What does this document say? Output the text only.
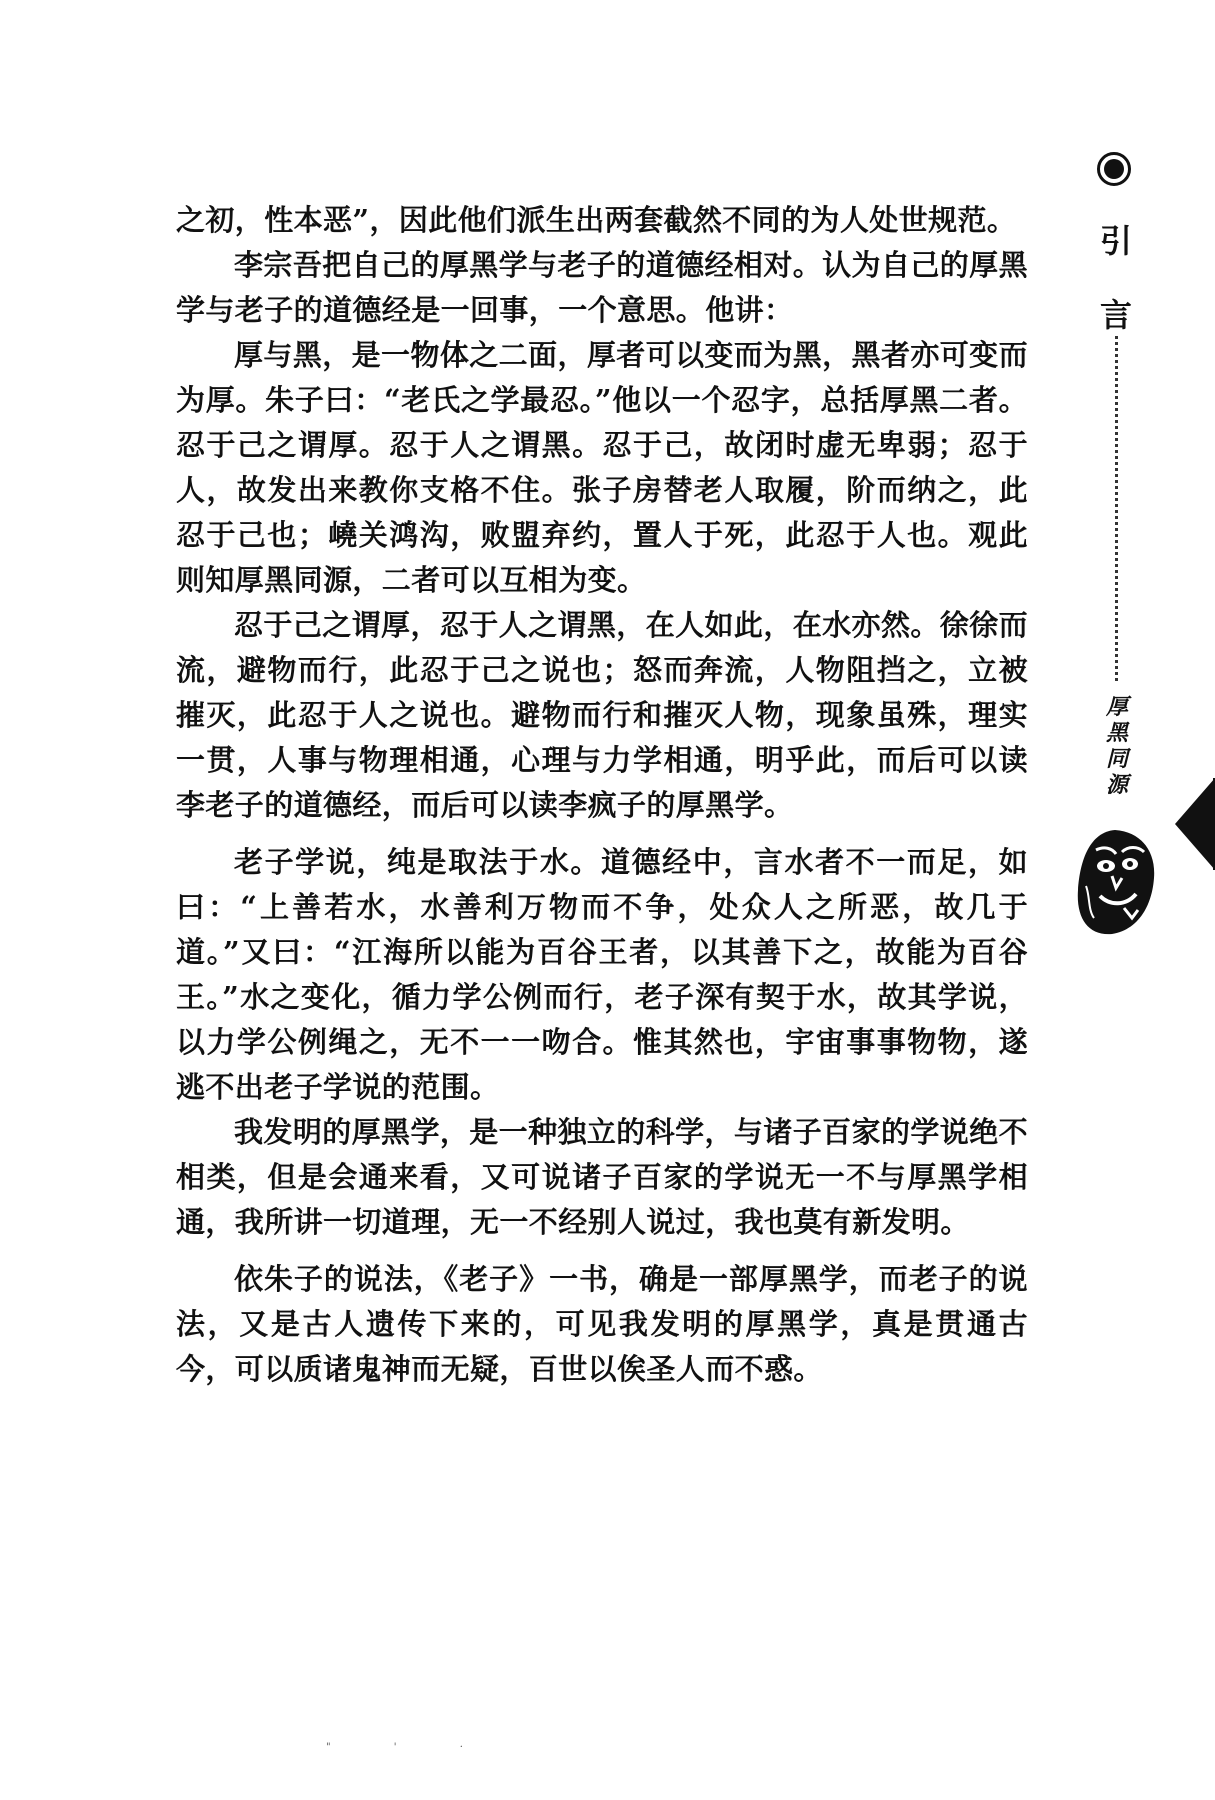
之初，性本恶”，因此他们派生出两套截然不同的为人处世规范。

李宗吾把自己的厚黑学与老子的道德经相对。认为自己的厚黑学与老子的道德经是一回事，一个意思。他讲：

厚与黑，是一物体之二面，厚者可以变而为黑，黑者亦可变而为厚。朱子曰：“老氏之学最忍。”他以一个忍字，总括厚黑二者。忍于己之谓厚。忍于人之谓黑。忍于己，故闭时虚无卑弱；忍于人，故发出来教你支格不住。张子房替老人取履，阶而纳之，此忍于己也；嶢关鸿沟，败盟弃约，置人于死，此忍于人也。观此则知厚黑同源，二者可以互相为变。

忍于己之谓厚，忍于人之谓黑，在人如此，在水亦然。徐徐而流，避物而行，此忍于己之说也；怒而奔流，人物阻挡之，立被摧灭，此忍于人之说也。避物而行和摧灭人物，现象虽殊，理实一贯，人事与物理相通，心理与力学相通，明乎此，而后可以读李老子的道德经，而后可以读李疯子的厚黑学。

老子学说，纯是取法于水。道德经中，言水者不一而足，如曰：“上善若水，水善利万物而不争，处众人之所恶，故几于道。”又曰：“江海所以能为百谷王者，以其善下之，故能为百谷王。”水之变化，循力学公例而行，老子深有契于水，故其学说，以力学公例绳之，无不一一吻合。惟其然也，宇宙事事物物，遂逃不出老子学说的范围。

我发明的厚黑学，是一种独立的科学，与诸子百家的学说绝不相类，但是会通来看，又可说诸子百家的学说无一不与厚黑学相通，我所讲一切道理，无一不经别人说过，我也莫有新发明。

依朱子的说法，《老子》一书，确是一部厚黑学，而老子的说法，又是古人遗传下来的，可见我发明的厚黑学，真是贯通古今，可以质诸鬼神而无疑，百世以俟圣人而不惑。

引
言
厚
黑
同
源
" ' ·
